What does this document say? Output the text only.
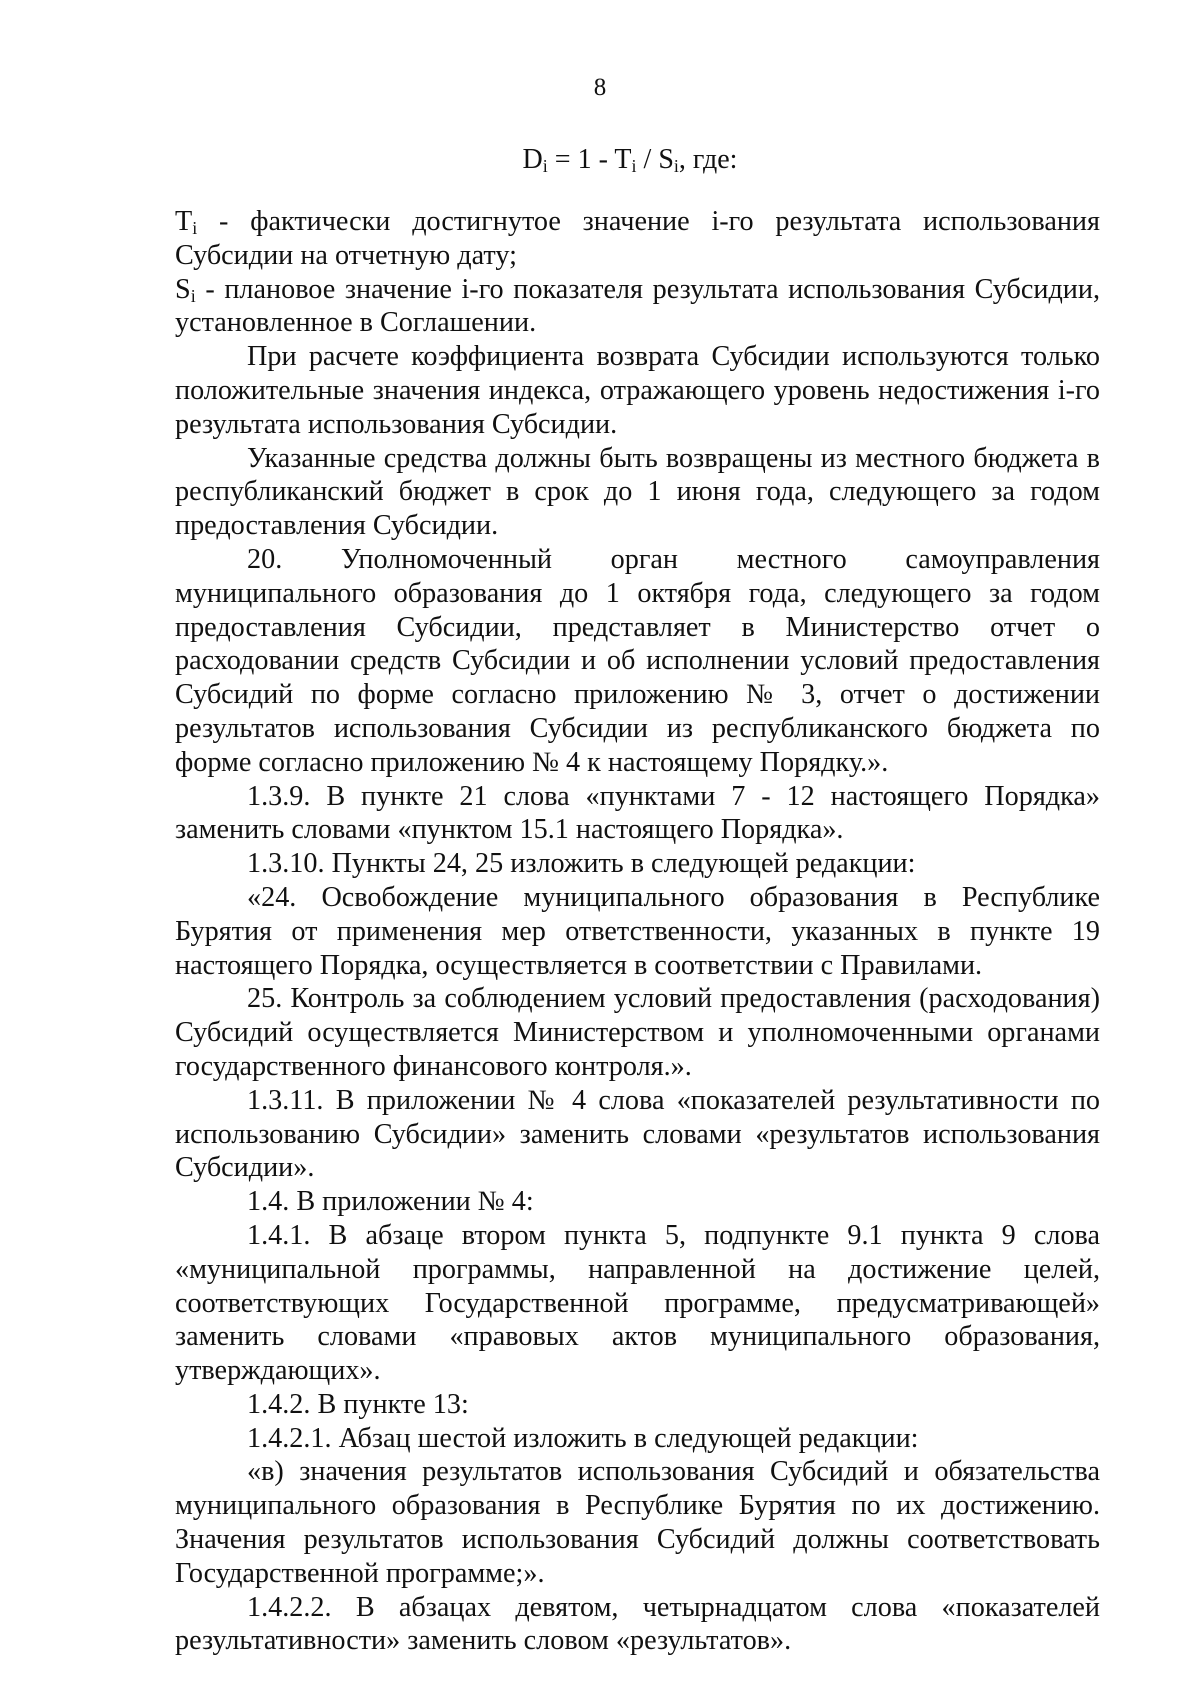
8
$D_i = 1 - T_i / S_i$, где:

$T_i$ - фактически достигнутое значение i-го результата использования Субсидии на отчетную дату;

$S_i$ - плановое значение i-го показателя результата использования Субсидии, установленное в Соглашении.

При расчете коэффициента возврата Субсидии используются только положительные значения индекса, отражающего уровень недостижения i-го результата использования Субсидии.

Указанные средства должны быть возвращены из местного бюджета в республиканский бюджет в срок до 1 июня года, следующего за годом предоставления Субсидии.

20. Уполномоченный орган местного самоуправления муниципального образования до 1 октября года, следующего за годом предоставления Субсидии, представляет в Министерство отчет о расходовании средств Субсидии и об исполнении условий предоставления Субсидий по форме согласно приложению № 3, отчет о достижении результатов использования Субсидии из республиканского бюджета по форме согласно приложению № 4 к настоящему Порядку.».

1.3.9. В пункте 21 слова «пунктами 7 - 12 настоящего Порядка» заменить словами «пунктом 15.1 настоящего Порядка».

1.3.10. Пункты 24, 25 изложить в следующей редакции:

«24. Освобождение муниципального образования в Республике Бурятия от применения мер ответственности, указанных в пункте 19 настоящего Порядка, осуществляется в соответствии с Правилами.

25. Контроль за соблюдением условий предоставления (расходования) Субсидий осуществляется Министерством и уполномоченными органами государственного финансового контроля.».

1.3.11. В приложении № 4 слова «показателей результативности по использованию Субсидии» заменить словами «результатов использования Субсидии».

1.4. В приложении № 4:

1.4.1. В абзаце втором пункта 5, подпункте 9.1 пункта 9 слова «муниципальной программы, направленной на достижение целей, соответствующих Государственной программе, предусматривающей» заменить словами «правовых актов муниципального образования, утверждающих».

1.4.2. В пункте 13:

1.4.2.1. Абзац шестой изложить в следующей редакции:

«в) значения результатов использования Субсидий и обязательства муниципального образования в Республике Бурятия по их достижению. Значения результатов использования Субсидий должны соответствовать Государственной программе;».

1.4.2.2. В абзацах девятом, четырнадцатом слова «показателей результативности» заменить словом «результатов».
